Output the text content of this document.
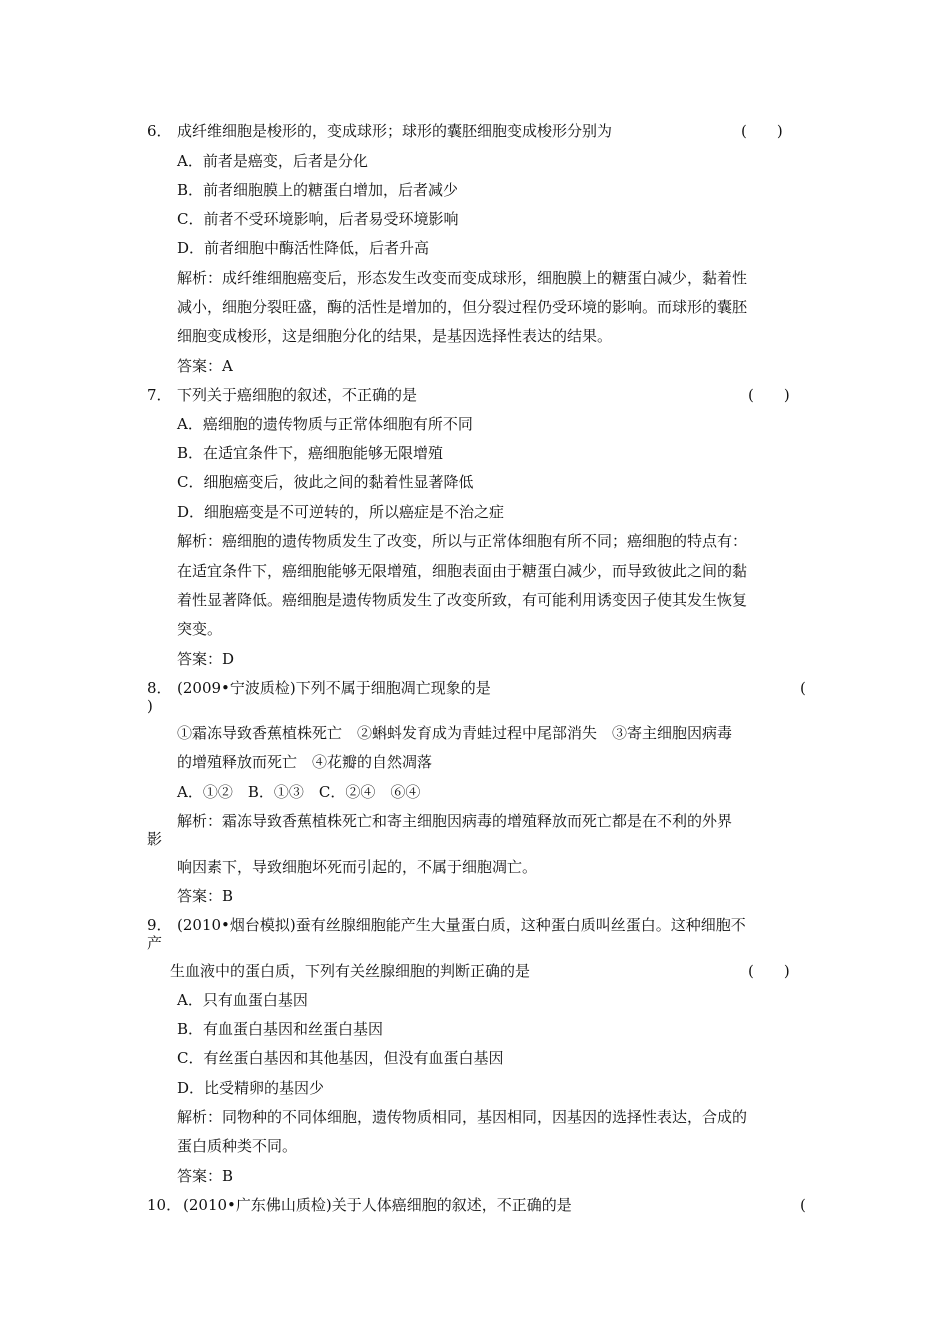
6． 成纤维细胞是梭形的，变成球形；球形的囊胚细胞变成梭形分别为	(　　)
A．前者是癌变，后者是分化
B．前者细胞膜上的糖蛋白增加，后者减少
C．前者不受环境影响，后者易受环境影响
D．前者细胞中酶活性降低，后者升高
解析：成纤维细胞癌变后，形态发生改变而变成球形，细胞膜上的糖蛋白减少，黏着性
减小，细胞分裂旺盛，酶的活性是增加的，但分裂过程仍受环境的影响。而球形的囊胚
细胞变成梭形，这是细胞分化的结果，是基因选择性表达的结果。
答案：A
7． 下列关于癌细胞的叙述，不正确的是	(　　)
A．癌细胞的遗传物质与正常体细胞有所不同
B．在适宜条件下，癌细胞能够无限增殖
C．细胞癌变后，彼此之间的黏着性显著降低
D．细胞癌变是不可逆转的，所以癌症是不治之症
解析：癌细胞的遗传物质发生了改变，所以与正常体细胞有所不同；癌细胞的特点有：
在适宜条件下，癌细胞能够无限增殖，细胞表面由于糖蛋白减少，而导致彼此之间的黏
着性显著降低。癌细胞是遗传物质发生了改变所致，有可能利用诱变因子使其发生恢复
突变。
答案：D
8． (2009•宁波质检)下列不属于细胞凋亡现象的是	(
)
①霜冻导致香蕉植株死亡　②蝌蚪发育成为青蛙过程中尾部消失　③寄主细胞因病毒
的增殖释放而死亡　④花瓣的自然凋落
A．①②　B．①③　C．②④　⑥④
解析：霜冻导致香蕉植株死亡和寄主细胞因病毒的增殖释放而死亡都是在不利的外界
影
响因素下，导致细胞坏死而引起的，不属于细胞凋亡。
答案：B
9． (2010•烟台模拟)蚕有丝腺细胞能产生大量蛋白质，这种蛋白质叫丝蛋白。这种细胞不
产
生血液中的蛋白质，下列有关丝腺细胞的判断正确的是	(　　)
A．只有血蛋白基因
B．有血蛋白基因和丝蛋白基因
C．有丝蛋白基因和其他基因，但没有血蛋白基因
D．比受精卵的基因少
解析：同物种的不同体细胞，遗传物质相同，基因相同，因基因的选择性表达，合成的
蛋白质种类不同。
答案：B
10． (2010•广东佛山质检)关于人体癌细胞的叙述，不正确的是	(
